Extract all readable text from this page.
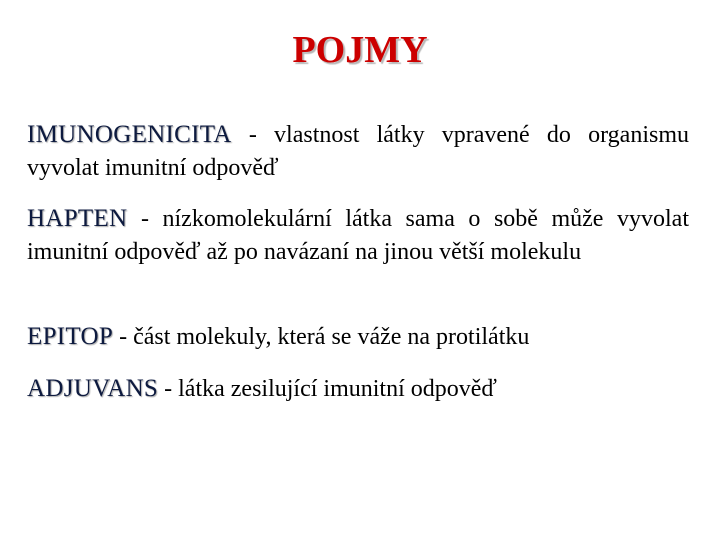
POJMY

IMUNOGENICITA - vlastnost látky vpravené do organismu vyvolat imunitní odpověď

HAPTEN - nízkomolekulární látka sama o sobě může vyvolat imunitní odpověď až po navázaní na jinou větší molekulu

EPITOP - část molekuly, která se váže na protilátku

ADJUVANS - látka zesilující imunitní odpověď
